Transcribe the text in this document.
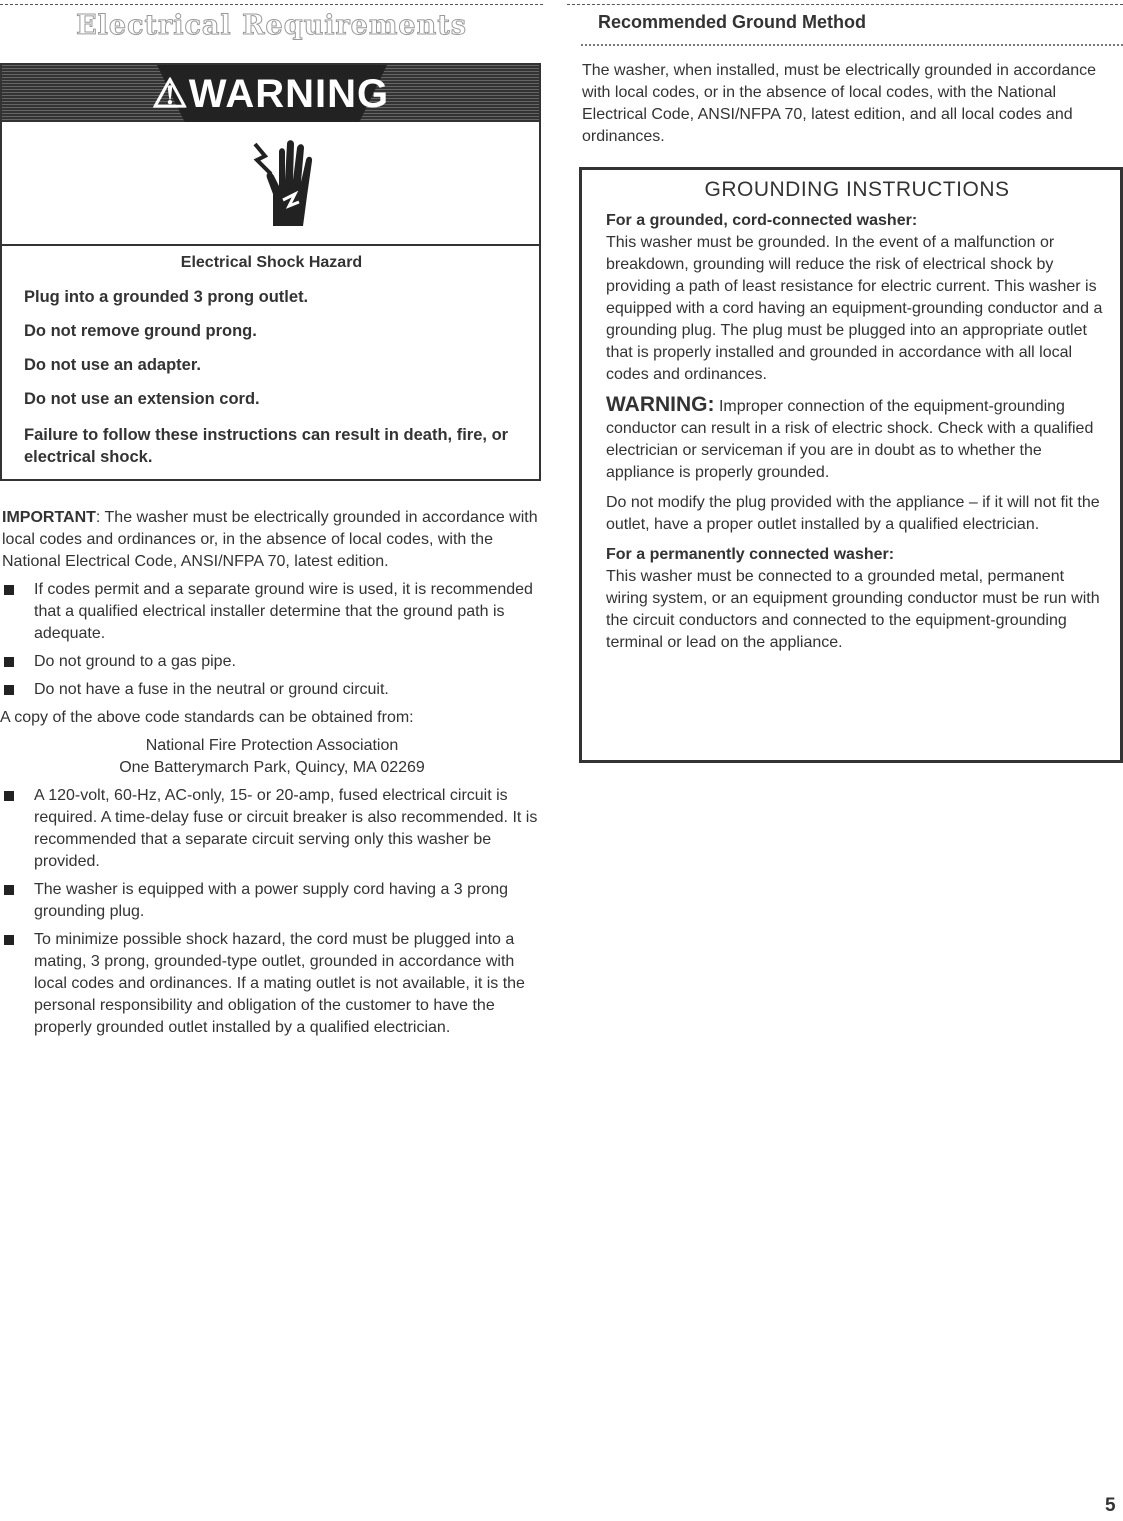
Electrical Requirements
⚠WARNING

Electrical Shock Hazard

Plug into a grounded 3 prong outlet.

Do not remove ground prong.

Do not use an adapter.

Do not use an extension cord.

Failure to follow these instructions can result in death, fire, or electrical shock.

IMPORTANT: The washer must be electrically grounded in accordance with local codes and ordinances or, in the absence of local codes, with the National Electrical Code, ANSI/NFPA 70, latest edition.

If codes permit and a separate ground wire is used, it is recommended that a qualified electrical installer determine that the ground path is adequate.

Do not ground to a gas pipe.

Do not have a fuse in the neutral or ground circuit.

A copy of the above code standards can be obtained from:

National Fire Protection Association

One Batterymarch Park, Quincy, MA 02269

A 120-volt, 60-Hz, AC-only, 15- or 20-amp, fused electrical circuit is required. A time-delay fuse or circuit breaker is also recommended. It is recommended that a separate circuit serving only this washer be provided.

The washer is equipped with a power supply cord having a 3 prong grounding plug.

To minimize possible shock hazard, the cord must be plugged into a mating, 3 prong, grounded-type outlet, grounded in accordance with local codes and ordinances. If a mating outlet is not available, it is the personal responsibility and obligation of the customer to have the properly grounded outlet installed by a qualified electrician.

Recommended Ground Method

The washer, when installed, must be electrically grounded in accordance with local codes, or in the absence of local codes, with the National Electrical Code, ANSI/NFPA 70, latest edition, and all local codes and ordinances.

GROUNDING INSTRUCTIONS

For a grounded, cord-connected washer:

This washer must be grounded. In the event of a malfunction or breakdown, grounding will reduce the risk of electrical shock by providing a path of least resistance for electric current. This washer is equipped with a cord having an equipment-grounding conductor and a grounding plug. The plug must be plugged into an appropriate outlet that is properly installed and grounded in accordance with all local codes and ordinances.

WARNING: Improper connection of the equipment-grounding conductor can result in a risk of electric shock. Check with a qualified electrician or serviceman if you are in doubt as to whether the appliance is properly grounded.

Do not modify the plug provided with the appliance – if it will not fit the outlet, have a proper outlet installed by a qualified electrician.

For a permanently connected washer:

This washer must be connected to a grounded metal, permanent wiring system, or an equipment grounding conductor must be run with the circuit conductors and connected to the equipment-grounding terminal or lead on the appliance.

5
